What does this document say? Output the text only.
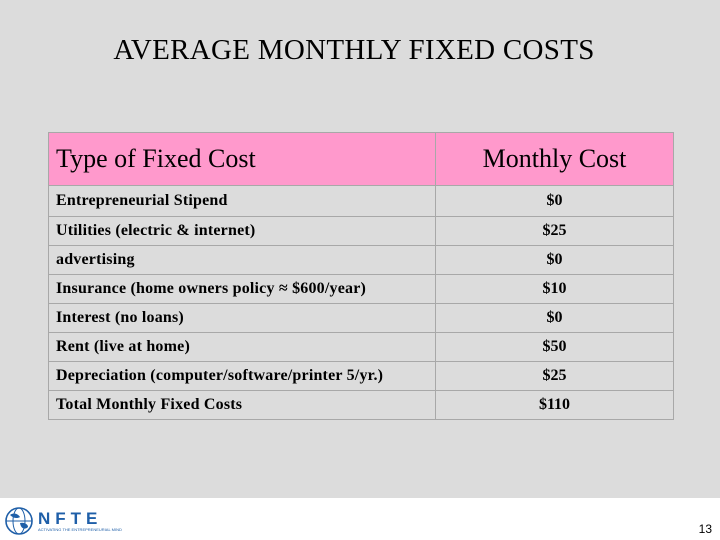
AVERAGE MONTHLY FIXED COSTS
Type of Fixed Cost	Monthly Cost
Entrepreneurial Stipend	$0
Utilities (electric & internet)	$25
advertising	$0
Insurance (home owners policy ≈ $600/year)	$10
Interest (no loans)	$0
Rent (live at home)	$50
Depreciation (computer/software/printer 5/yr.)	$25
Total Monthly Fixed Costs	$110
NFTE
ACTIVATING THE ENTREPRENEURIAL MIND	13
